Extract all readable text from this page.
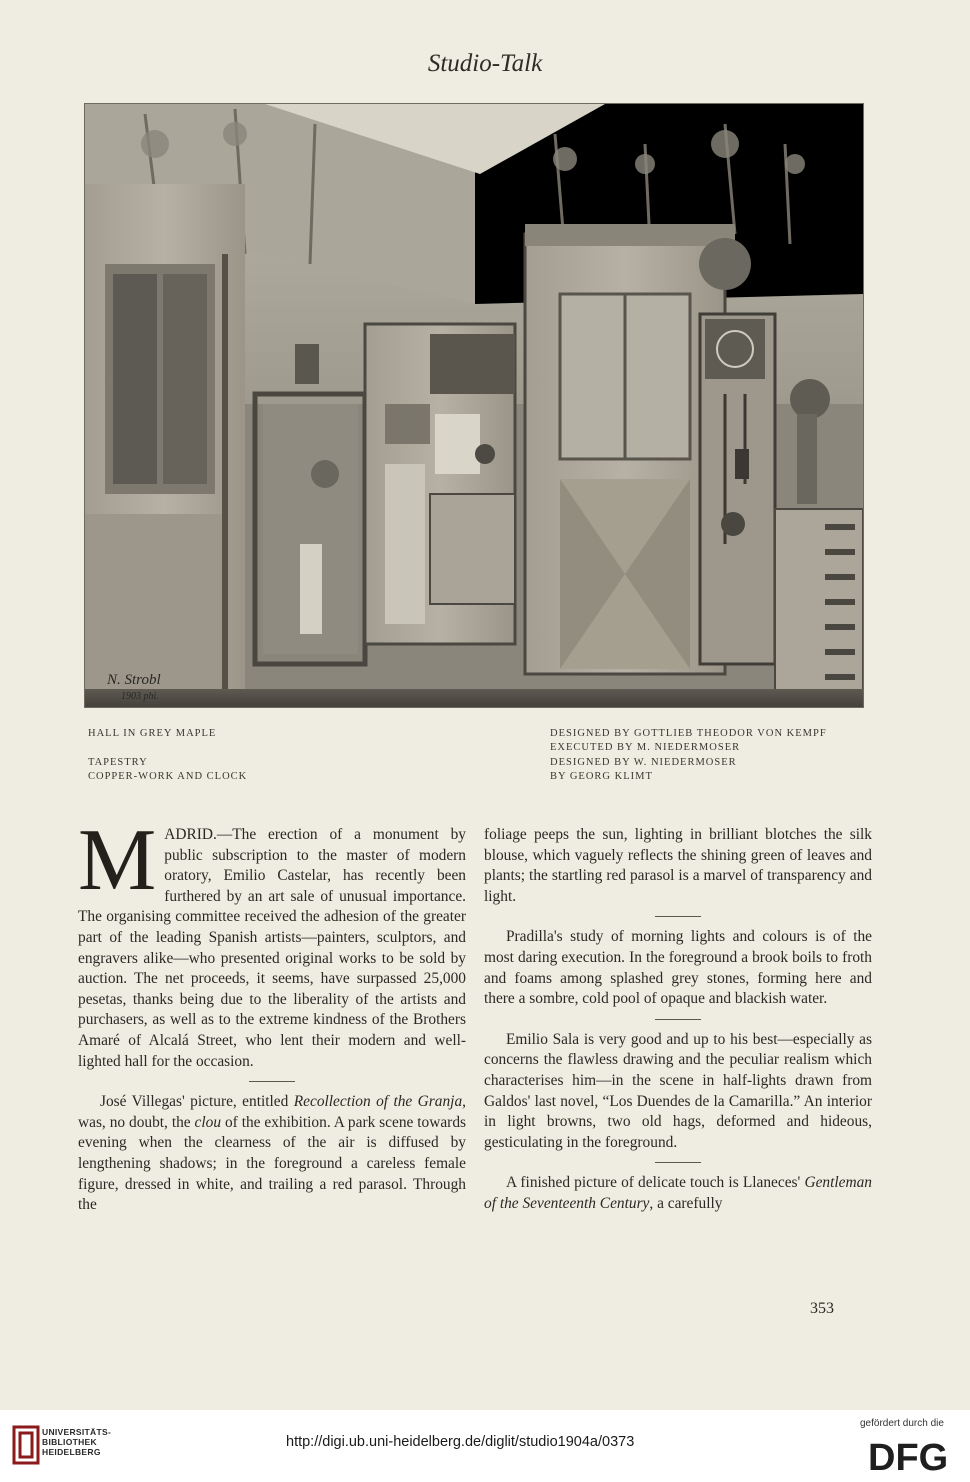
Studio-Talk
N. Strobl
1903 phi.
HALL IN GREY MAPLE
TAPESTRY
COPPER-WORK AND CLOCK
DESIGNED BY GOTTLIEB THEODOR VON KEMPF
EXECUTED BY M. NIEDERMOSER
DESIGNED BY W. NIEDERMOSER
BY GEORG KLIMT

MADRID.—The erection of a monument by public subscription to the master of modern oratory, Emilio Castelar, has recently been furthered by an art sale of unusual importance. The organising committee received the adhesion of the greater part of the leading Spanish artists—painters, sculptors, and engravers alike—who presented original works to be sold by auction. The net proceeds, it seems, have surpassed 25,000 pesetas, thanks being due to the liberality of the artists and purchasers, as well as to the extreme kindness of the Brothers Amaré of Alcalá Street, who lent their modern and well-lighted hall for the occasion.

José Villegas' picture, entitled Recollection of the Granja, was, no doubt, the clou of the exhibition. A park scene towards evening when the clearness of the air is diffused by lengthening shadows; in the foreground a careless female figure, dressed in white, and trailing a red parasol. Through the

foliage peeps the sun, lighting in brilliant blotches the silk blouse, which vaguely reflects the shining green of leaves and plants; the startling red parasol is a marvel of transparency and light.

Pradilla's study of morning lights and colours is of the most daring execution. In the foreground a brook boils to froth and foams among splashed grey stones, forming here and there a sombre, cold pool of opaque and blackish water.

Emilio Sala is very good and up to his best—especially as concerns the flawless drawing and the peculiar realism which characterises him—in the scene in half-lights drawn from Galdos' last novel, “Los Duendes de la Camarilla.” An interior in light browns, two old hags, deformed and hideous, gesticulating in the foreground.

A finished picture of delicate touch is Llaneces' Gentleman of the Seventeenth Century, a carefully

353
UNIVERSITÄTS-
BIBLIOTHEK
HEIDELBERG
http://digi.ub.uni-heidelberg.de/diglit/studio1904a/0373
gefördert durch die
DFG
